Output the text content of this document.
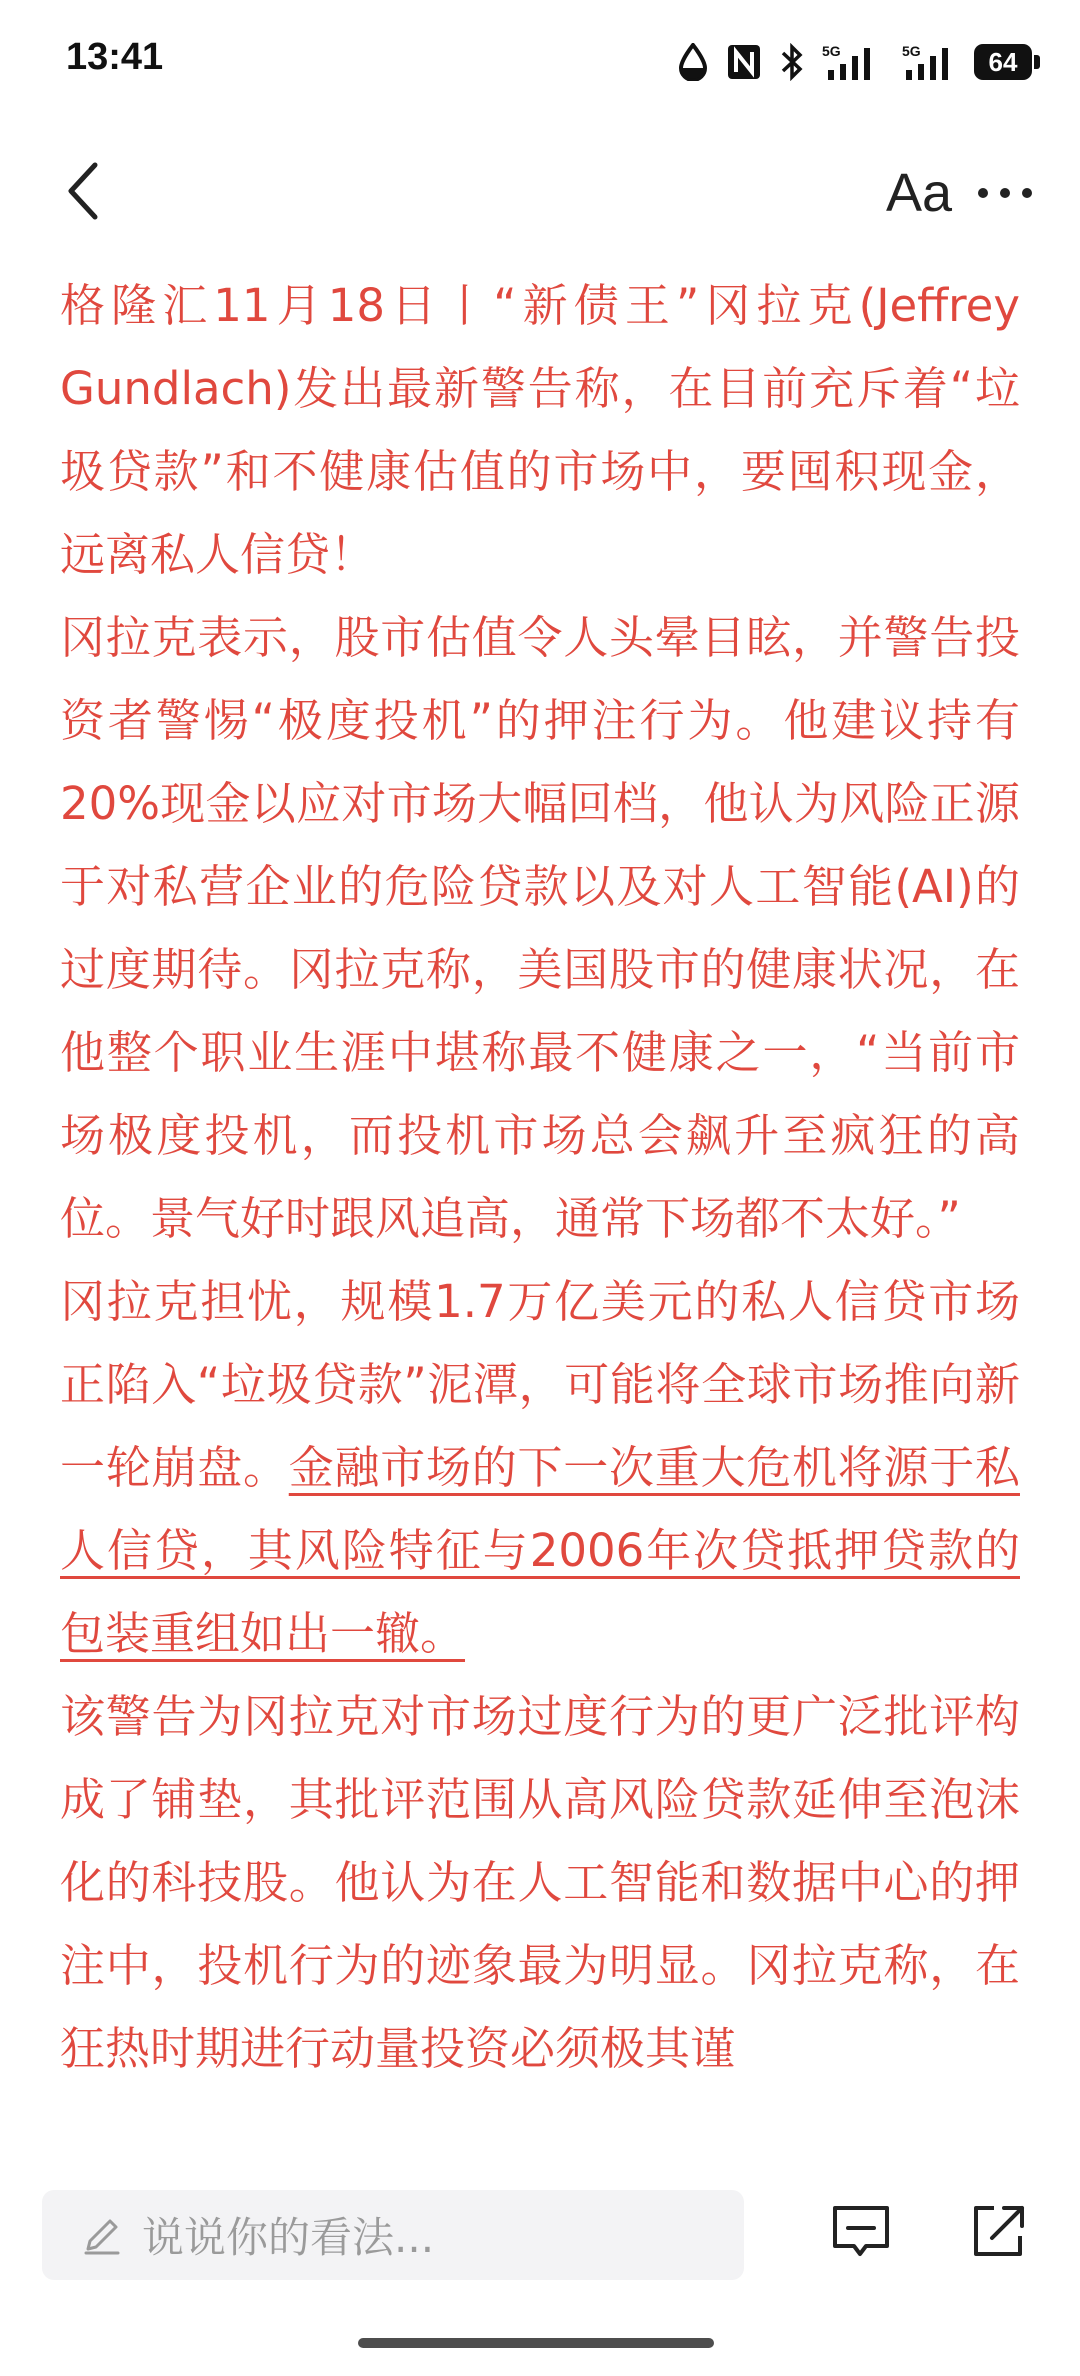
13:41	5G	5G	64
Aa

格隆汇11月18日丨“新债王”冈拉克(Jeffrey Gundlach)发出最新警告称，在目前充斥着“垃圾贷款”和不健康估值的市场中，要囤积现金，远离私人信贷！

冈拉克表示，股市估值令人头晕目眩，并警告投资者警惕“极度投机”的押注行为。他建议持有20%现金以应对市场大幅回档，他认为风险正源于对私营企业的危险贷款以及对人工智能(AI)的过度期待。冈拉克称，美国股市的健康状况，在他整个职业生涯中堪称最不健康之一，“当前市场极度投机，而投机市场总会飙升至疯狂的高位。景气好时跟风追高，通常下场都不太好。”

冈拉克担忧，规模1.7万亿美元的私人信贷市场正陷入“垃圾贷款”泥潭，可能将全球市场推向新一轮崩盘。金融市场的下一次重大危机将源于私人信贷，其风险特征与2006年次贷抵押贷款的包装重组如出一辙。

该警告为冈拉克对市场过度行为的更广泛批评构成了铺垫，其批评范围从高风险贷款延伸至泡沫化的科技股。他认为在人工智能和数据中心的押注中，投机行为的迹象最为明显。冈拉克称，在狂热时期进行动量投资必须极其谨

说说你的看法...
